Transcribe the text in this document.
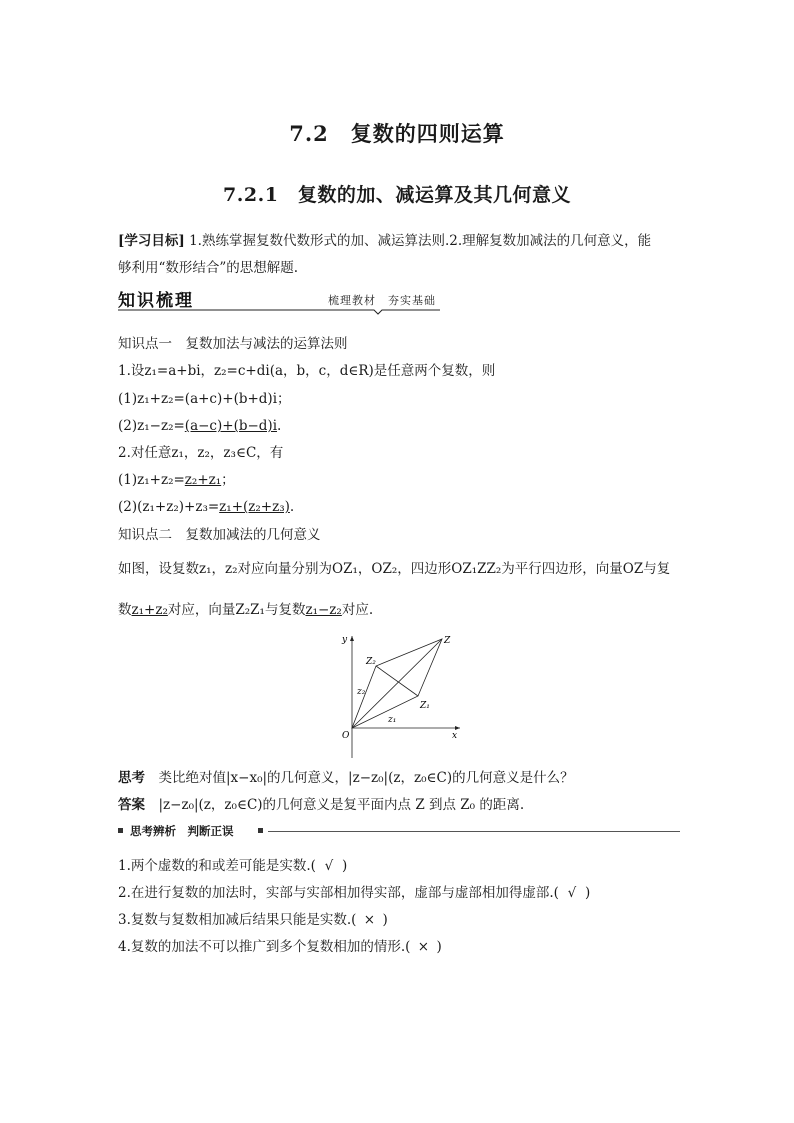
7.2　复数的四则运算
7.2.1　复数的加、减运算及其几何意义
[学习目标] 1.熟练掌握复数代数形式的加、减运算法则.2.理解复数加减法的几何意义，能
够利用“数形结合”的思想解题.
知识梳理	梳理教材　夯实基础
知识点一　复数加法与减法的运算法则
1.设z₁=a+bi，z₂=c+di(a，b，c，d∈R)是任意两个复数，则
(1)z₁+z₂=(a+c)+(b+d)i；
(2)z₁−z₂=(a−c)+(b−d)i.
2.对任意z₁，z₂，z₃∈C，有
(1)z₁+z₂=z₂+z₁；
(2)(z₁+z₂)+z₃=z₁+(z₂+z₃).
知识点二　复数加减法的几何意义
如图，设复数z₁，z₂对应向量分别为OZ₁，OZ₂，四边形OZ₁ZZ₂为平行四边形，向量OZ与复
数z₁+z₂对应，向量Z₂Z₁与复数z₁−z₂对应.
y
x
O
Z
Z₁
Z₂
z₁
z₂
思考　 类比绝对值|x−x₀|的几何意义，|z−z₀|(z，z₀∈C)的几何意义是什么？
答案　 |z−z₀|(z，z₀∈C)的几何意义是复平面内点 Z 到点 Z₀ 的距离.
思考辨析　判断正误
1.两个虚数的和或差可能是实数.( √ )
2.在进行复数的加法时，实部与实部相加得实部，虚部与虚部相加得虚部.( √ )
3.复数与复数相加减后结果只能是实数.( × )
4.复数的加法不可以推广到多个复数相加的情形.( × )
